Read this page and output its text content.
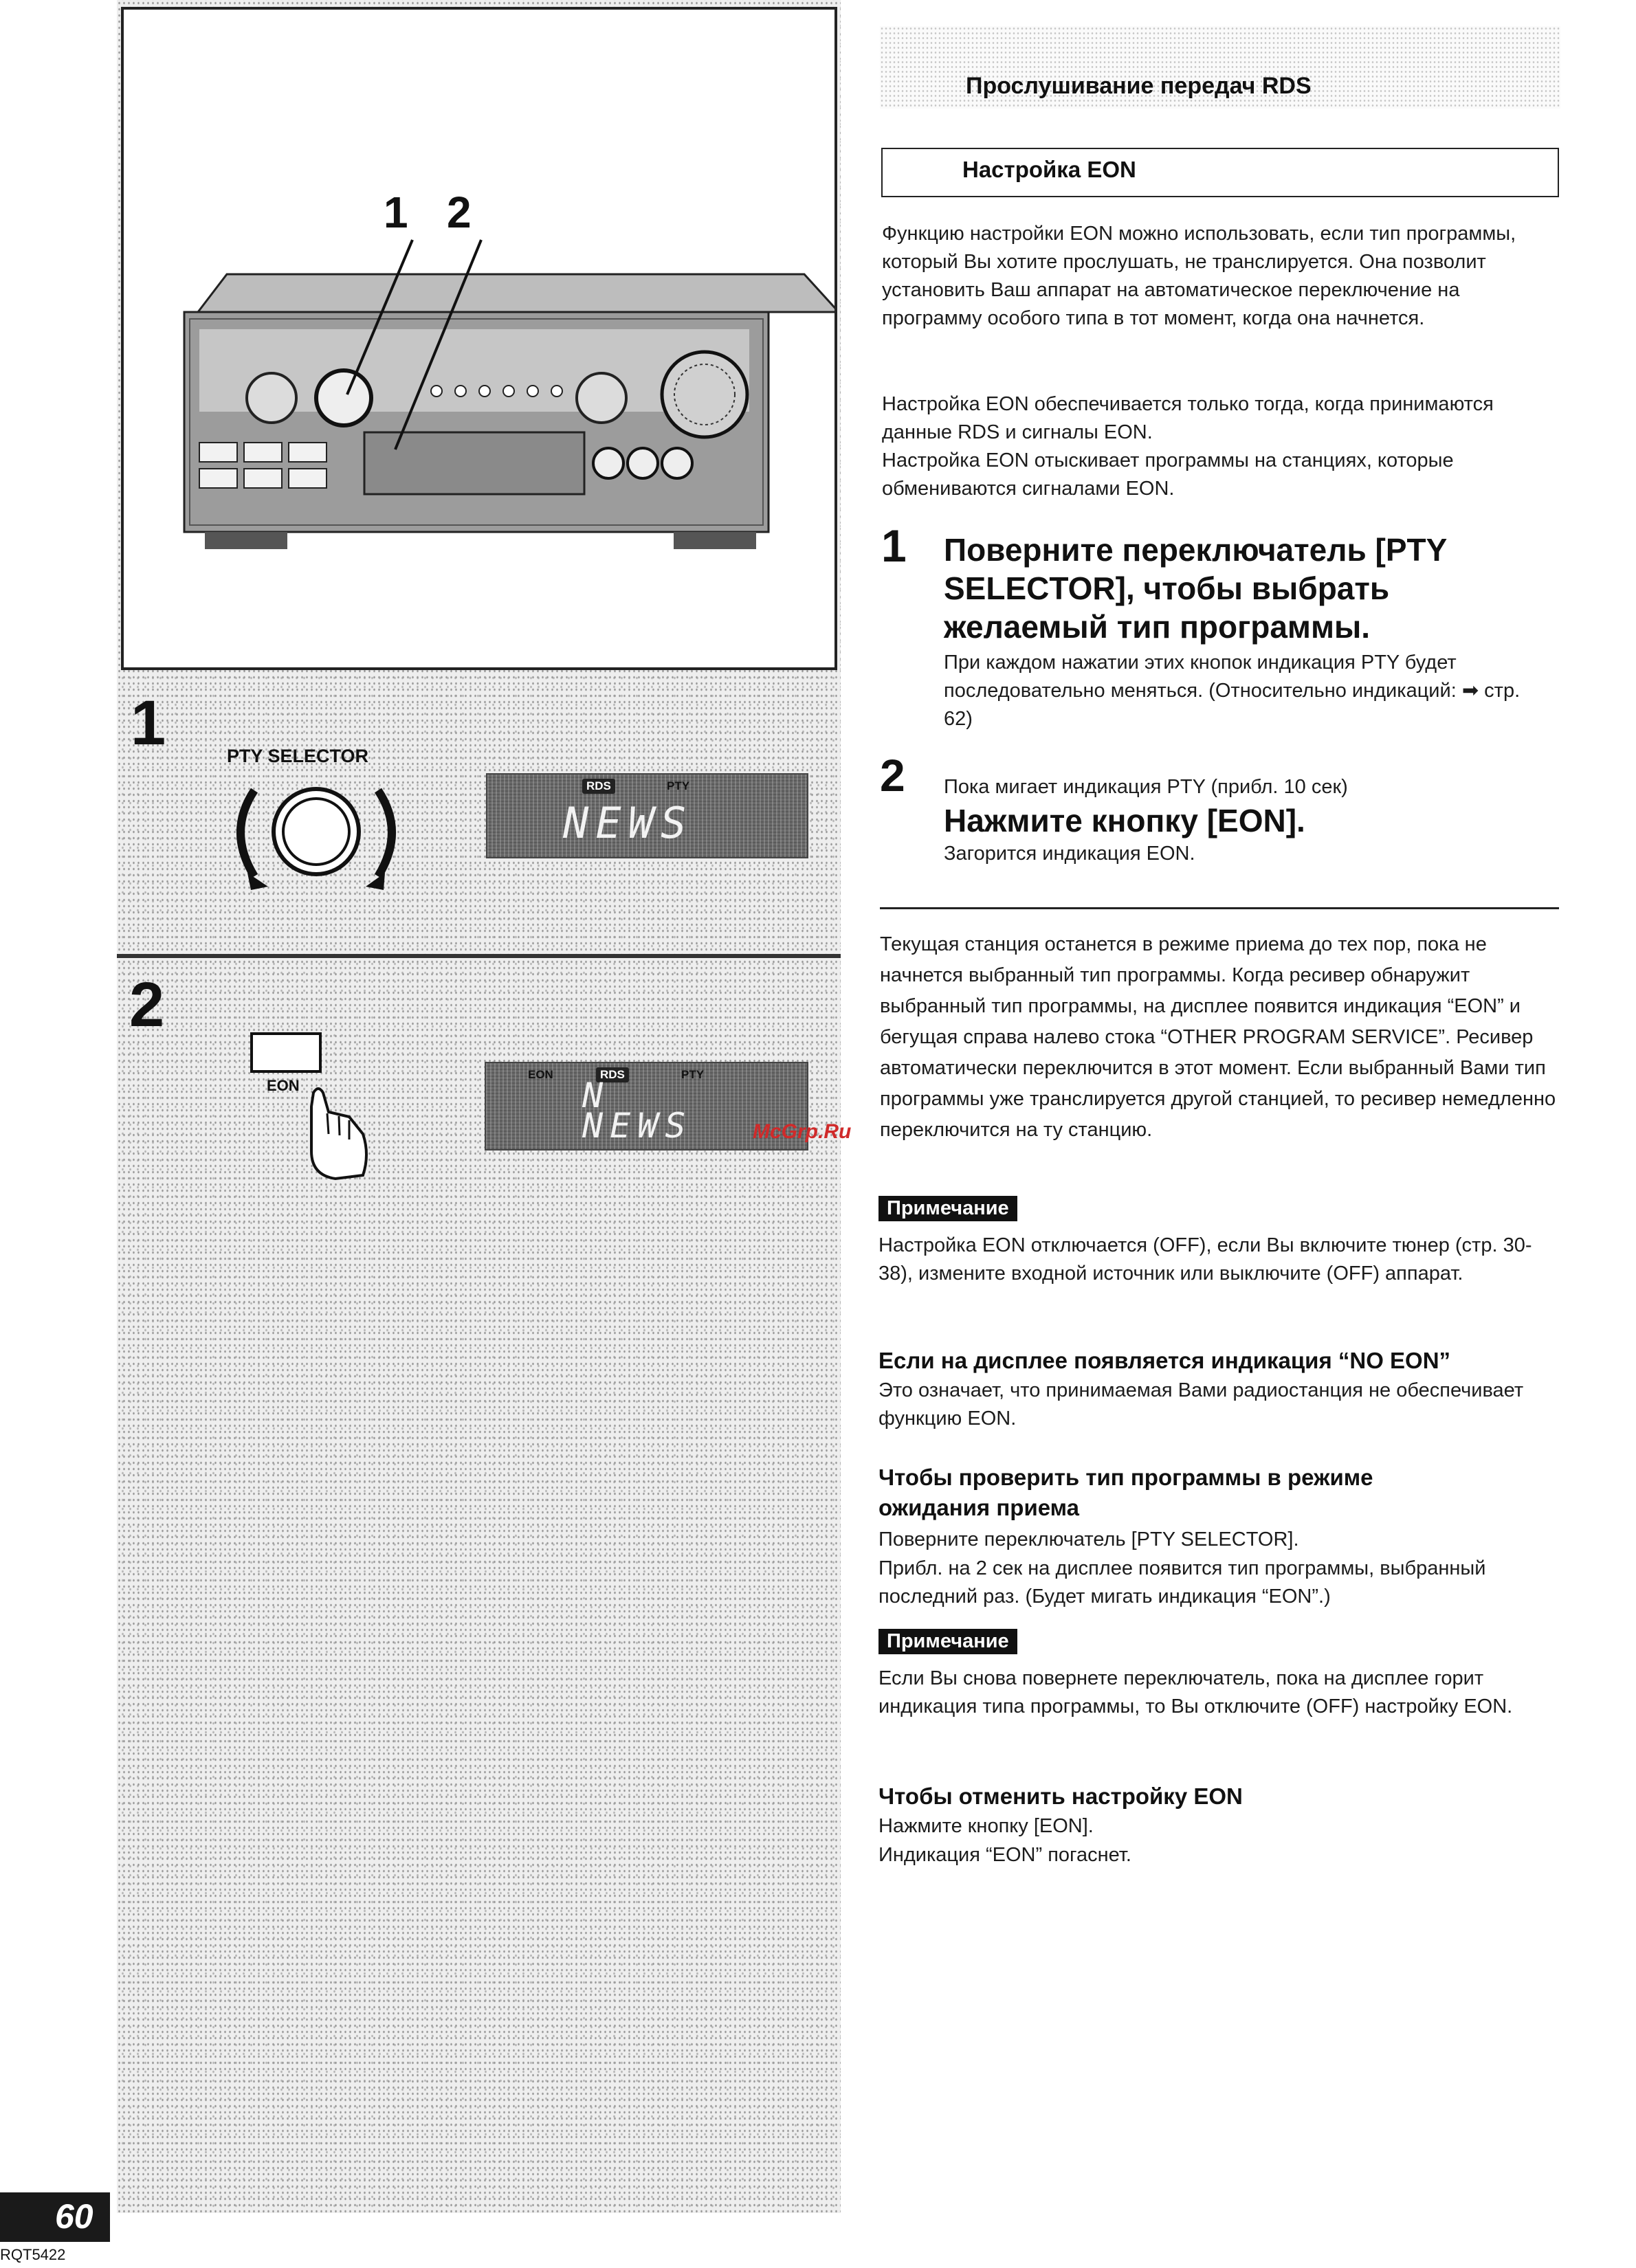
1 2
1	PTY SELECTOR
RDS	PTY
NEWS
2
EON
EON	RDS	PTY
N
NEWS
Прослушивание передач RDS
Настройка EON
Функцию настройки EON можно использовать, если тип программы, который Вы хотите прослушать, не транслируется. Она позволит установить Ваш аппарат на автоматическое переключение на программу особого типа в тот момент, когда она начнется.
Настройка EON обеспечивается только тогда, когда принимаются данные RDS и сигналы EON.
Настройка EON отыскивает программы на станциях, которые обмениваются сигналами EON.
1 Поверните переключатель [PTY SELECTOR], чтобы выбрать желаемый тип программы.
При каждом нажатии этих кнопок индикация PTY будет последовательно меняться. (Относительно индикаций: ➡ стр. 62)
2 Пока мигает индикация PTY (прибл. 10 сек)
Нажмите кнопку [EON].
Загорится индикация EON.
Текущая станция останется в режиме приема до тех пор, пока не начнется выбранный тип программы. Когда ресивер обнаружит выбранный тип программы, на дисплее появится индикация “EON” и бегущая справа налево стока “OTHER PROGRAM SERVICE”. Ресивер автоматически переключится в этот момент. Если выбранный Вами тип программы уже транслируется другой станцией, то ресивер немедленно переключится на ту станцию.
McGrp.Ru
Примечание
Настройка EON отключается (OFF), если Вы включите тюнер (стр. 30-38), измените входной источник или выключите (OFF) аппарат.
Если на дисплее появляется индикация “NO EON”
Это означает, что принимаемая Вами радиостанция не обеспечивает функцию EON.
Чтобы проверить тип программы в режиме ожидания приема
Поверните переключатель [PTY SELECTOR].
Прибл. на 2 сек на дисплее появится тип программы, выбранный последний раз. (Будет мигать индикация “EON”.)
Примечание
Если Вы снова повернете переключатель, пока на дисплее горит индикация типа программы, то Вы отключите (OFF) настройку EON.
Чтобы отменить настройку EON
Нажмите кнопку [EON].
Индикация “EON” погаснет.
60
RQT5422
